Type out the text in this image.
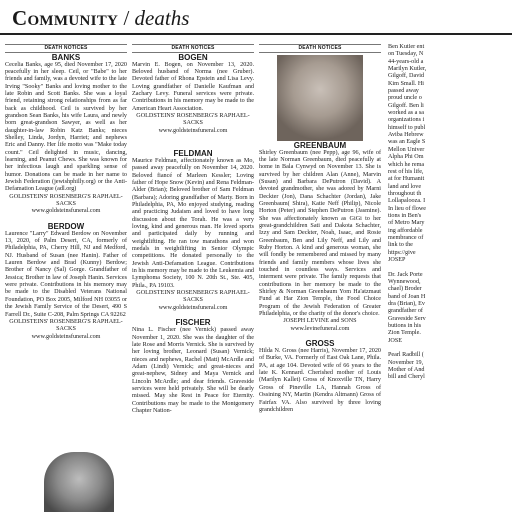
Community / deaths
DEATH NOTICES
BANKS

Cecelia Banks, age 95, died November 17, 2020 peacefully in her sleep. Ceil, or "Babe" to her friends and family, was a devoted wife to the late Irving "Sooky" Banks and loving mother to the late Robin and Scott Banks. She was a loyal friend, retaining strong relationships from as far back as childhood. Ceil is survived by her grandson Sean Banks, his wife Laura, and newly born great-grandson Sawyer, as well as her daughter-in-law Robin Katz Banks; nieces Shelley, Linda, Jordyn, Harriet; and nephews Eric and Danny. Her life motto was "Make today count." Ceil delighted in music, dancing, learning, and Peanut Chews. She was known for her infectious laugh and sparkling sense of humor. Donations can be made in her name to Jewish Federation (jewishphilly.org) or the Anti-Defamation League (adl.org)

GOLDSTEINS' ROSENBERG'S RAPHAEL-SACKS
www.goldsteinsfuneral.com
BERDOW

Laurence "Larry" Edward Berdow on November 13, 2020, of Palm Desert, CA, formerly of Philadelphia, PA, Cherry Hill, NJ and Medford, NJ. Husband of Susan (nee Hanin). Father of Lauren Berdow and Brad (Kunny) Berdow; Brother of Nancy (Sal) Gorge. Grandfather of Jessica; Brother in law of Joseph Hanin. Services were private. Contributions in his memory may be made to the Disabled Veterans National Foundation, PO Box 2005, Milford NH 03055 or the Jewish Family Service of the Desert, 490 S Farrell Dr., Suite C-208, Palm Springs CA 92262

GOLDSTEINS' ROSENBERG'S RAPHAEL-SACKS
www.goldsteinsfuneral.com
DEATH NOTICES
BOGEN

Marvin E. Bogen, on November 13, 2020. Beloved husband of Norma (nee Gruber). Devoted father of Rhona Epstein and Lisa Levy. Loving grandfather of Danielle Kaufman and Zachary Levy. Funeral services were private. Contributions in his memory may be made to the American Heart Association.

GOLDSTEINS' ROSENBERG'S RAPHAEL-SACKS
www.goldsteinsfuneral.com
FELDMAN

Maurice Feldman, affectionately known as Mo, passed away peacefully on November 14, 2020. Beloved fiancé of Marleen Kessler; Loving father of Hope Snow (Kevin) and Rena Feldman-Alder (Brian); Beloved brother of Sam Feldman (Barbara); Adoring grandfather of Marty. Born in Philadelphia, PA, Mo enjoyed studying, reading and practicing Judaism and loved to have long discussion about the Torah. He was a very loving, kind and generous man. He loved sports and participated daily by running and weightlifting. He ran tow marathons and won medals in weightlifting in Senior Olympic competitions. He donated personally to the Jewish Anti-Defamation League. Contributions in his memory may be made to the Leukemia and Lymphoma Society, 100 N. 20th St., Ste. 405, Phila., PA 19103.

GOLDSTEINS' ROSENBERG'S RAPHAEL-SACKS
www.goldsteinsfuneral.com
FISCHER

Nina L. Fischer (nee Vernick) passed away November 1, 2020. She was the daughter of the late Rose and Morris Vernick. She is survived by her loving brother, Leonard (Susan) Vernick; nieces and nephews, Rachel (Matt) McArdle and Adam (Lindi) Vernick; and great-nieces and great-nephew, Sidney and Maya Vernick and Lincoln McArdle; and dear friends. Graveside services were held privately. She will be dearly missed. May she Rest in Peace for Eternity. Contributions may be made to the Montgomery Chapter Nation-

DEATH NOTICES
GREENBAUM

Shirley Greenbaum (nee Pepp), age 96, wife of the late Norman Greenbaum, died peacefully at home in Bala Cynwyd on November 13. She is survived by her children Alan (Anne), Marvin (Susan) and Barbara DePutron (David). A devoted grandmother, she was adored by Marni Deckter (Jon), Dana Schachter (Jordan), Jake Greenbaum( Shira), Katie Neff (Philip), Nicole Horton (Peter) and Stephen DePutron (Jasmine). She was affectionately known as GiGi to her great-grandchildren Sati and Dakota Schachter, Izzy and Sam Deckter, Noah, Isaac, and Rosie Greenbaum, Ben and Lily Neff, and Lily and Ruby Horton. A kind and generous woman, she will fondly be remembered and missed by many friends and family members whose lives she touched in countless ways. Services and interment were private. The family requests that contributions in her memory be made to the Shirley & Norman Greenbaum Yom Ha'atzmaut Fund at Har Zion Temple, the Food Choice Program of the Jewish Federation of Greater Philadelphia, or the charity of the donor's choice.

JOSEPH LEVINE and SONS
www.levinefuneral.com
GROSS

Hilda N. Gross (nee Harris), November 17, 2020 of Burke, VA. Formerly of East Oak Lane, Phila. PA, at age 104. Devoted wife of 66 years to the late K. Kennard. Cherished mother of Louis (Marilyn Kallet) Gross of Knoxville TN, Harry Gross of Pineville LA, Hannah Gross of Ossining NY, Martin (Kendra Altmann) Gross of Fairfax VA. Also survived by three loving grandchildren

Ben Kutler ent
on Tuesday, N
44-years-old a
Marilyn Kutler,
Gilgoff, David
Kim Small. Hi
passed away
proud uncle o
Gilgoff. Ben li
worked as a sa
organizations i
himself to publ
Aviba Hebrew
was an Eagle S
Mellon Univer
Alpha Phi Om
which he rema
rest of his life,
at for Humanit
land and love
throughout th
Lollapalooza. I
In lieu of flowe
tions in Ben's
of Metro Mary
ing affordable
membrance of
link to the
https://give
JOSEP
Dr. Jack Porte
Wynnewood,
chael) Broder
band of Joan H
dra (Brian), Ev
grandfather of
Graveside Serv
butions in his
Zion Temple.
JOSE
Pearl Radbill (
November 19,
Mother of And
bill and Cheryl
